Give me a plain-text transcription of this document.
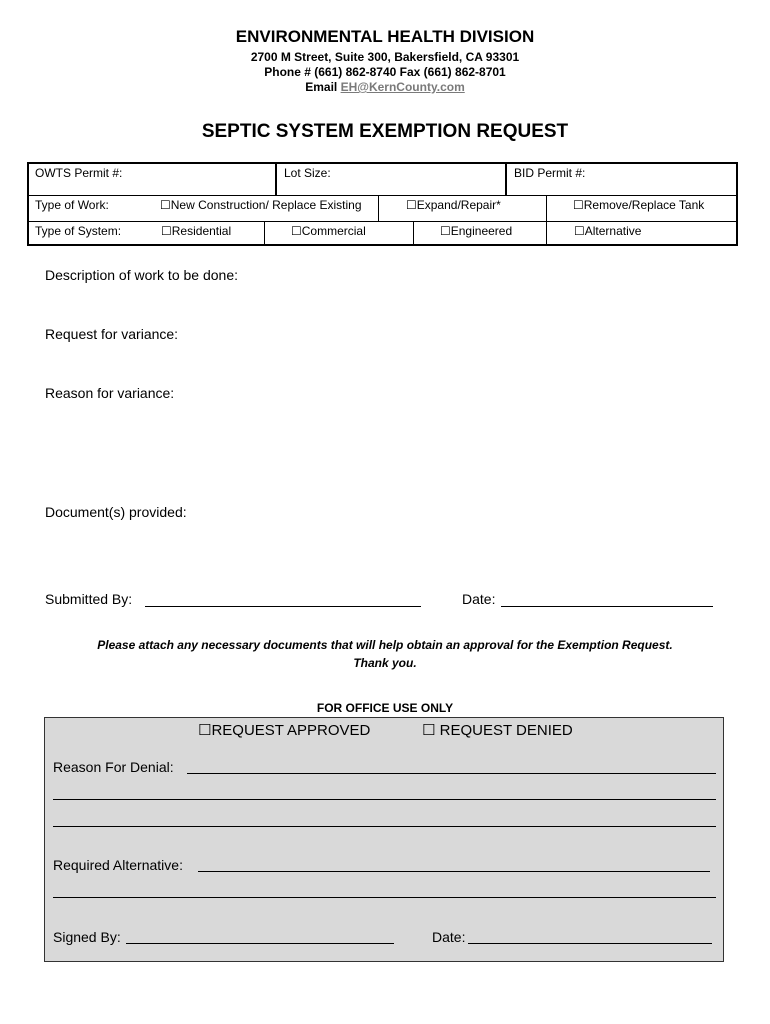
ENVIRONMENTAL HEALTH DIVISION
2700 M Street, Suite 300, Bakersfield, CA 93301
Phone # (661) 862-8740 Fax (661) 862-8701
Email EH@KernCounty.com
SEPTIC SYSTEM EXEMPTION REQUEST
OWTS Permit #:	Lot Size:	BID Permit #:
Type of Work:	☐New Construction/ Replace Existing	☐Expand/Repair*	☐Remove/Replace Tank
Type of System:	☐Residential	☐Commercial	☐Engineered	☐Alternative
Description of work to be done:
Request for variance:
Reason for variance:
Document(s) provided:
Submitted By:	Date:
Please attach any necessary documents that will help obtain an approval for the Exemption Request.
Thank you.
FOR OFFICE USE ONLY
☐REQUEST APPROVED	☐ REQUEST DENIED
Reason For Denial:
Required Alternative:
Signed By:	Date:
